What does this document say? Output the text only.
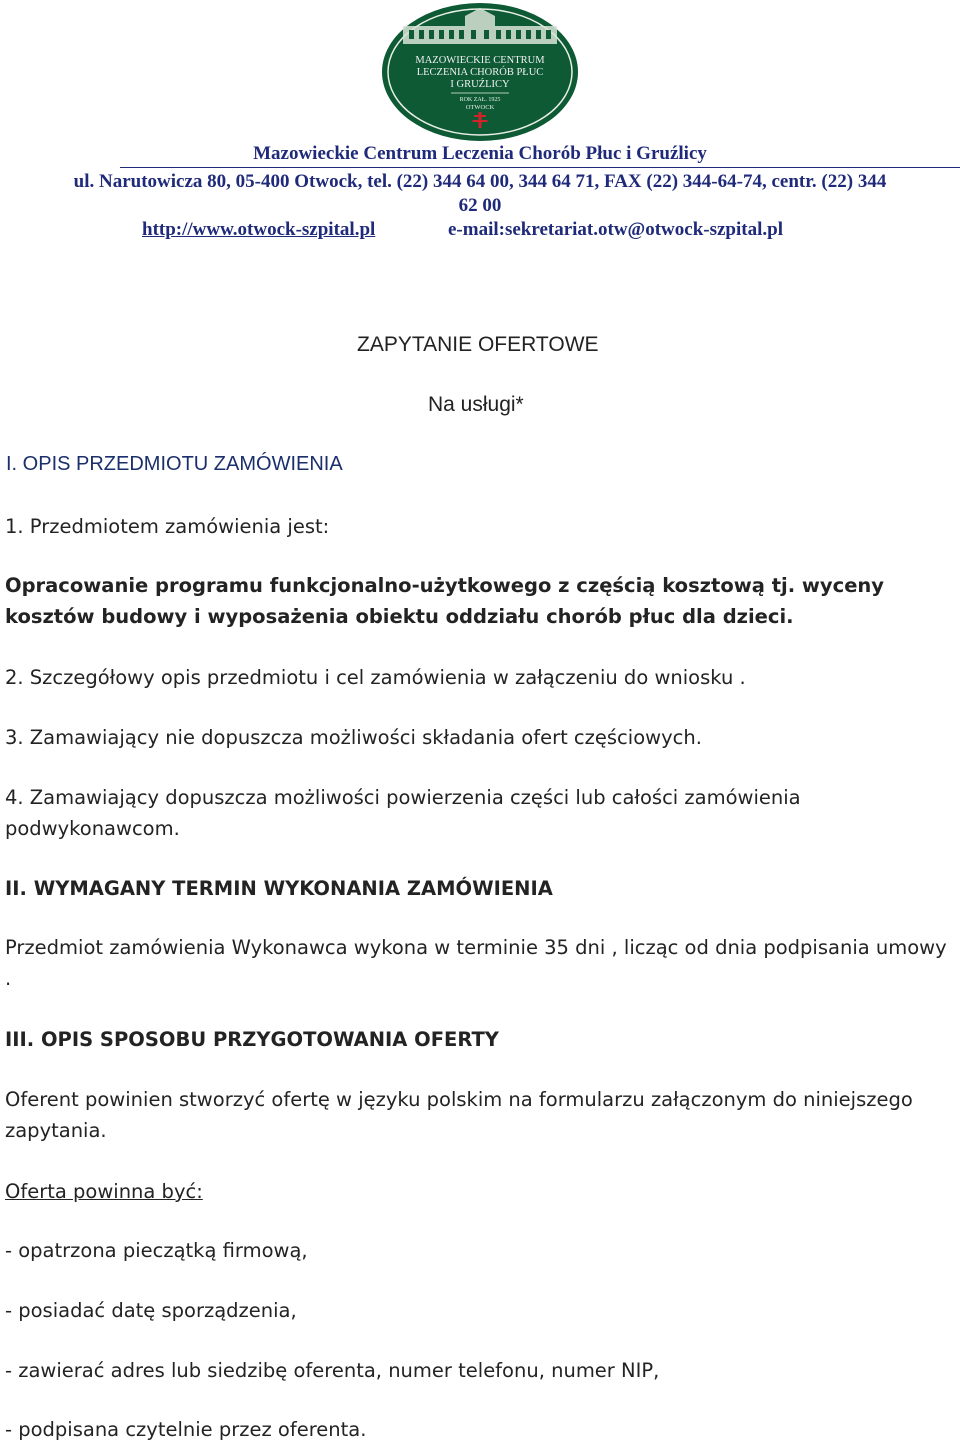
MAZOWIECKIE CENTRUM
LECZENIA CHORÓB PŁUC
I GRUŹLICY
ROK ZAŁ. 1925
OTWOCK
Mazowieckie Centrum Leczenia Chorób Płuc i Gruźlicy
ul. Narutowicza 80, 05-400 Otwock, tel. (22) 344 64 00, 344 64 71, FAX (22) 344-64-74, centr. (22) 344
62 00
http://www.otwock-szpital.pl	e-mail:sekretariat.otw@otwock-szpital.pl
ZAPYTANIE OFERTOWE
Na usługi*
I. OPIS PRZEDMIOTU ZAMÓWIENIA
1. Przedmiotem zamówienia jest:
Opracowanie programu funkcjonalno-użytkowego z częścią kosztową tj. wyceny kosztów budowy i wyposażenia obiektu oddziału chorób płuc dla dzieci.
2. Szczegółowy opis przedmiotu i cel zamówienia w załączeniu do wniosku .
3. Zamawiający nie dopuszcza możliwości składania ofert częściowych.
4. Zamawiający dopuszcza możliwości powierzenia części lub całości zamówienia podwykonawcom.
II. WYMAGANY TERMIN WYKONANIA ZAMÓWIENIA
Przedmiot zamówienia Wykonawca wykona w terminie 35 dni , licząc od dnia podpisania umowy .
III. OPIS SPOSOBU PRZYGOTOWANIA OFERTY
Oferent powinien stworzyć ofertę w języku polskim na formularzu załączonym do niniejszego zapytania.
Oferta powinna być:
- opatrzona pieczątką firmową,
- posiadać datę sporządzenia,
- zawierać adres lub siedzibę oferenta, numer telefonu, numer NIP,
- podpisana czytelnie przez oferenta.
